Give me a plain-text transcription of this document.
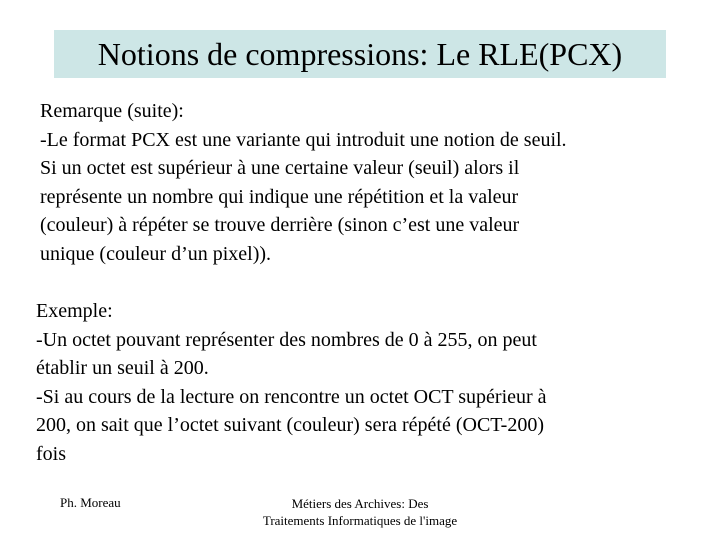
Notions de compressions: Le RLE(PCX)
Remarque (suite):
-Le format PCX est une variante qui introduit une notion de seuil.
Si un octet est supérieur à une certaine valeur (seuil) alors il
représente un nombre qui indique une répétition et la valeur
(couleur) à répéter se trouve derrière (sinon c’est une valeur
unique (couleur d’un pixel)).
Exemple:
-Un octet pouvant représenter des nombres de 0 à 255, on peut
établir un seuil à 200.
-Si au cours de la lecture on rencontre un octet OCT supérieur à
200, on sait que l’octet suivant (couleur) sera répété (OCT-200)
fois
Ph. Moreau	Métiers des Archives: Des
Traitements Informatiques de l'image
